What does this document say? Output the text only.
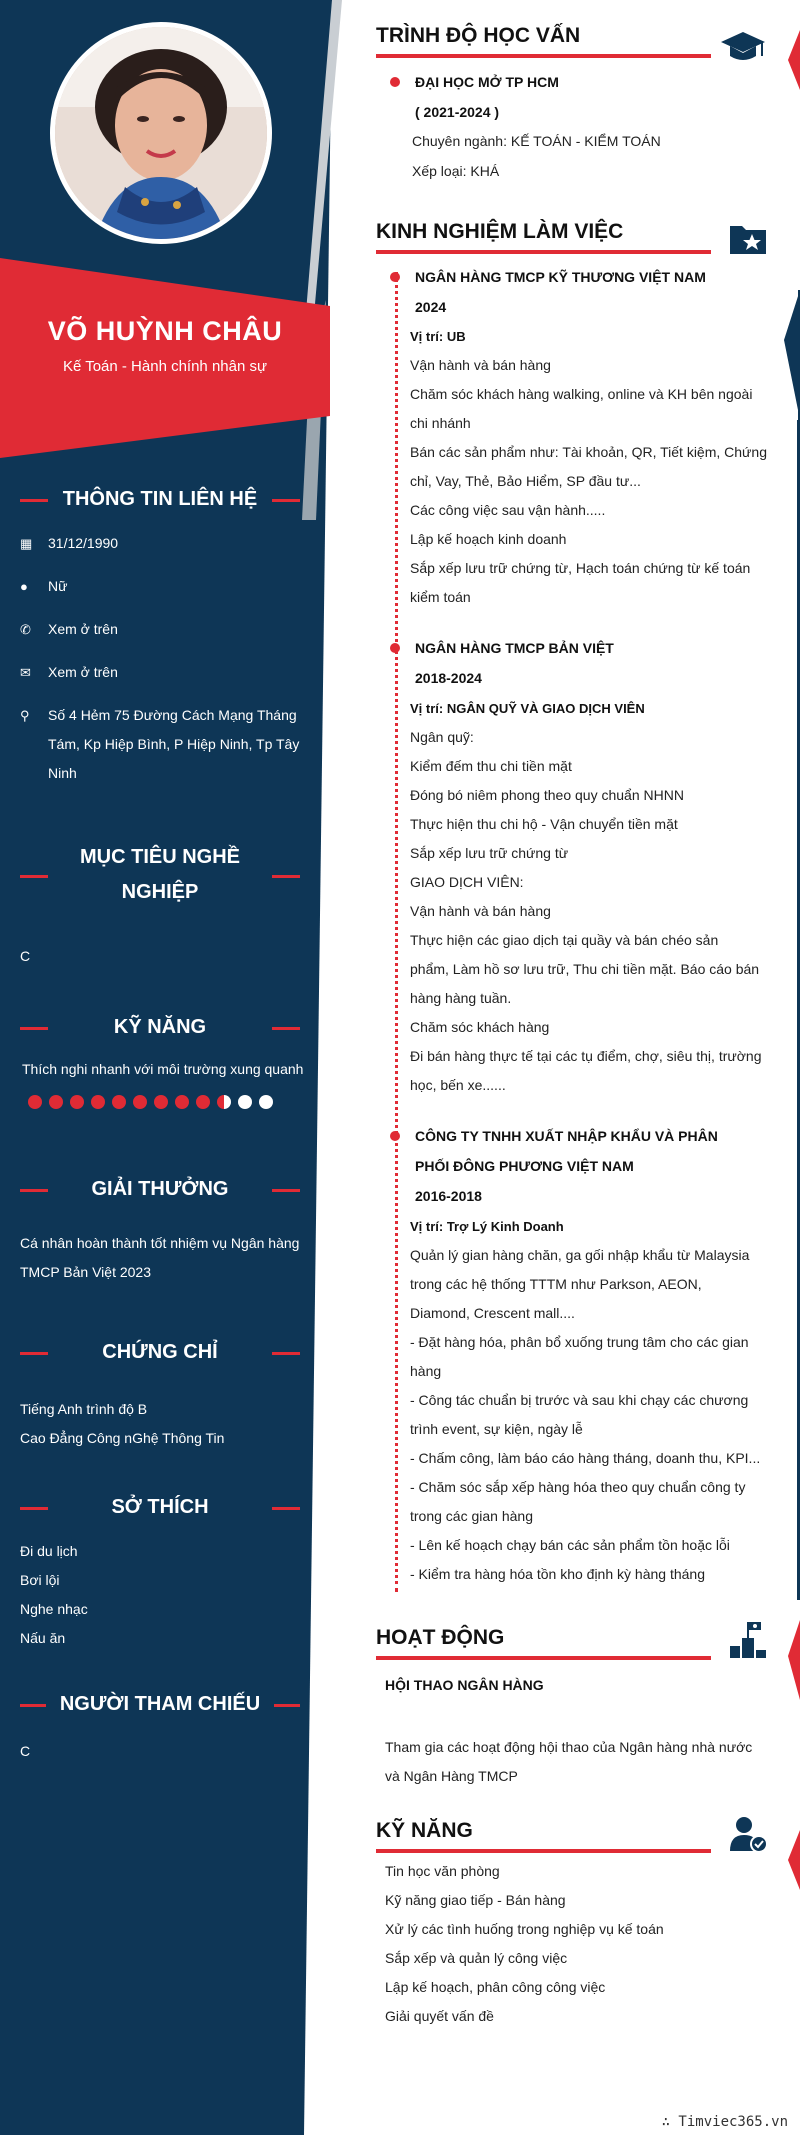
VÕ HUỲNH CHÂU
Kế Toán - Hành chính nhân sự
THÔNG TIN LIÊN HỆ
▦	31/12/1990
●	Nữ
✆	Xem ở trên
✉	Xem ở trên
⚲	Số 4 Hẻm 75 Đường Cách Mạng Tháng Tám, Kp Hiệp Bình, P Hiệp Ninh, Tp Tây Ninh
MỤC TIÊU NGHỀ NGHIỆP
C
KỸ NĂNG
Thích nghi nhanh với môi trường xung quanh
GIẢI THƯỞNG
Cá nhân hoàn thành tốt nhiệm vụ Ngân hàng TMCP Bản Việt 2023
CHỨNG CHỈ
Tiếng Anh trình độ B
Cao Đẳng Công nGhệ Thông Tin
SỞ THÍCH
Đi du lịch
Bơi lội
Nghe nhạc
Nấu ăn
NGƯỜI THAM CHIẾU
C
TRÌNH ĐỘ HỌC VẤN
ĐẠI HỌC MỞ TP HCM
( 2021-2024 )
Chuyên ngành: KẾ TOÁN - KIỂM TOÁN
Xếp loại: KHÁ
KINH NGHIỆM LÀM VIỆC
NGÂN HÀNG TMCP KỸ THƯƠNG VIỆT NAM
2024
Vị trí: UB
Vận hành và bán hàng
Chăm sóc khách hàng walking, online và KH bên ngoài
chi nhánh
Bán các sản phẩm như: Tài khoản, QR, Tiết kiệm, Chứng
chỉ, Vay, Thẻ, Bảo Hiểm, SP đầu tư...
Các công việc sau vận hành.....
Lập kế hoạch kinh doanh
Sắp xếp lưu trữ chứng từ, Hạch toán chứng từ kế toán
kiểm toán
NGÂN HÀNG TMCP BẢN VIỆT
2018-2024
Vị trí: NGÂN QUỸ VÀ GIAO DỊCH VIÊN
Ngân quỹ:
Kiểm đếm thu chi tiền mặt
Đóng bó niêm phong theo quy chuẩn NHNN
Thực hiện thu chi hộ - Vận chuyển tiền mặt
Sắp xếp lưu trữ chứng từ
GIAO DỊCH VIÊN:
Vận hành và bán hàng
Thực hiện các giao dịch tại quầy và bán chéo sản
phẩm, Làm hồ sơ lưu trữ, Thu chi tiền mặt. Báo cáo bán
hàng hàng tuần.
Chăm sóc khách hàng
Đi bán hàng thực tế tại các tụ điểm, chợ, siêu thị, trường
học, bến xe......
CÔNG TY TNHH XUẤT NHẬP KHẨU VÀ PHÂN
PHỐI ĐÔNG PHƯƠNG VIỆT NAM
2016-2018
Vị trí: Trợ Lý Kinh Doanh
Quản lý gian hàng chăn, ga gối nhập khẩu từ Malaysia
trong các hệ thống TTTM như Parkson, AEON,
Diamond, Crescent mall....
- Đặt hàng hóa, phân bổ xuống trung tâm cho các gian
hàng
- Công tác chuẩn bị trước và sau khi chạy các chương
trình event, sự kiện, ngày lễ
- Chấm công, làm báo cáo hàng tháng, doanh thu, KPI...
- Chăm sóc sắp xếp hàng hóa theo quy chuẩn công ty
trong các gian hàng
- Lên kế hoạch chạy bán các sản phẩm tồn hoặc lỗi
- Kiểm tra hàng hóa tồn kho định kỳ hàng tháng
HOẠT ĐỘNG
HỘI THAO NGÂN HÀNG
Tham gia các hoạt động hội thao của Ngân hàng nhà nước
và Ngân Hàng TMCP
KỸ NĂNG
Tin học văn phòng
Kỹ năng giao tiếp - Bán hàng
Xử lý các tình huống trong nghiệp vụ kế toán
Sắp xếp và quản lý công việc
Lập kế hoạch, phân công công việc
Giải quyết vấn đề
∴ Timviec365.vn
